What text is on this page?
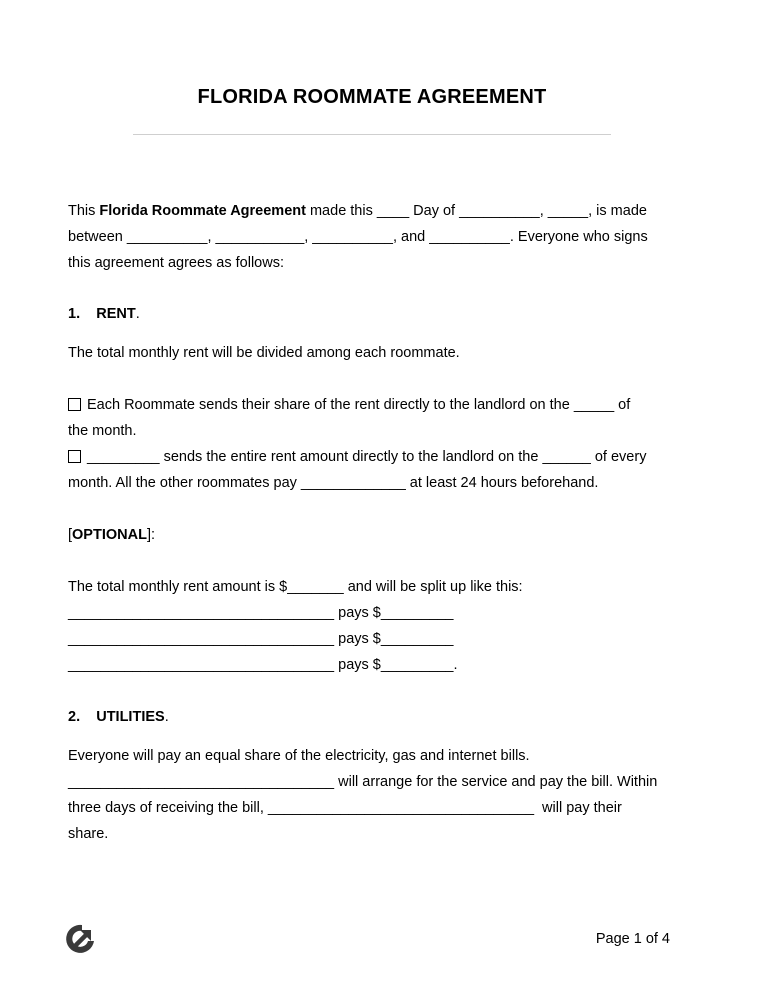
FLORIDA ROOMMATE AGREEMENT
This Florida Roommate Agreement made this ____ Day of __________, _____, is made
between __________, ___________, __________, and __________. Everyone who signs
this agreement agrees as follows:
1. RENT.
The total monthly rent will be divided among each roommate.
Each Roommate sends their share of the rent directly to the landlord on the _____ of
the month.
_________ sends the entire rent amount directly to the landlord on the ______ of every
month. All the other roommates pay _____________ at least 24 hours beforehand.
[OPTIONAL]:
The total monthly rent amount is $_______ and will be split up like this:
_________________________________ pays $_________
_________________________________ pays $_________
_________________________________ pays $_________.
2. UTILITIES.
Everyone will pay an equal share of the electricity, gas and internet bills.
_________________________________ will arrange for the service and pay the bill. Within
three days of receiving the bill, _________________________________  will pay their
share.
Page 1 of 4
